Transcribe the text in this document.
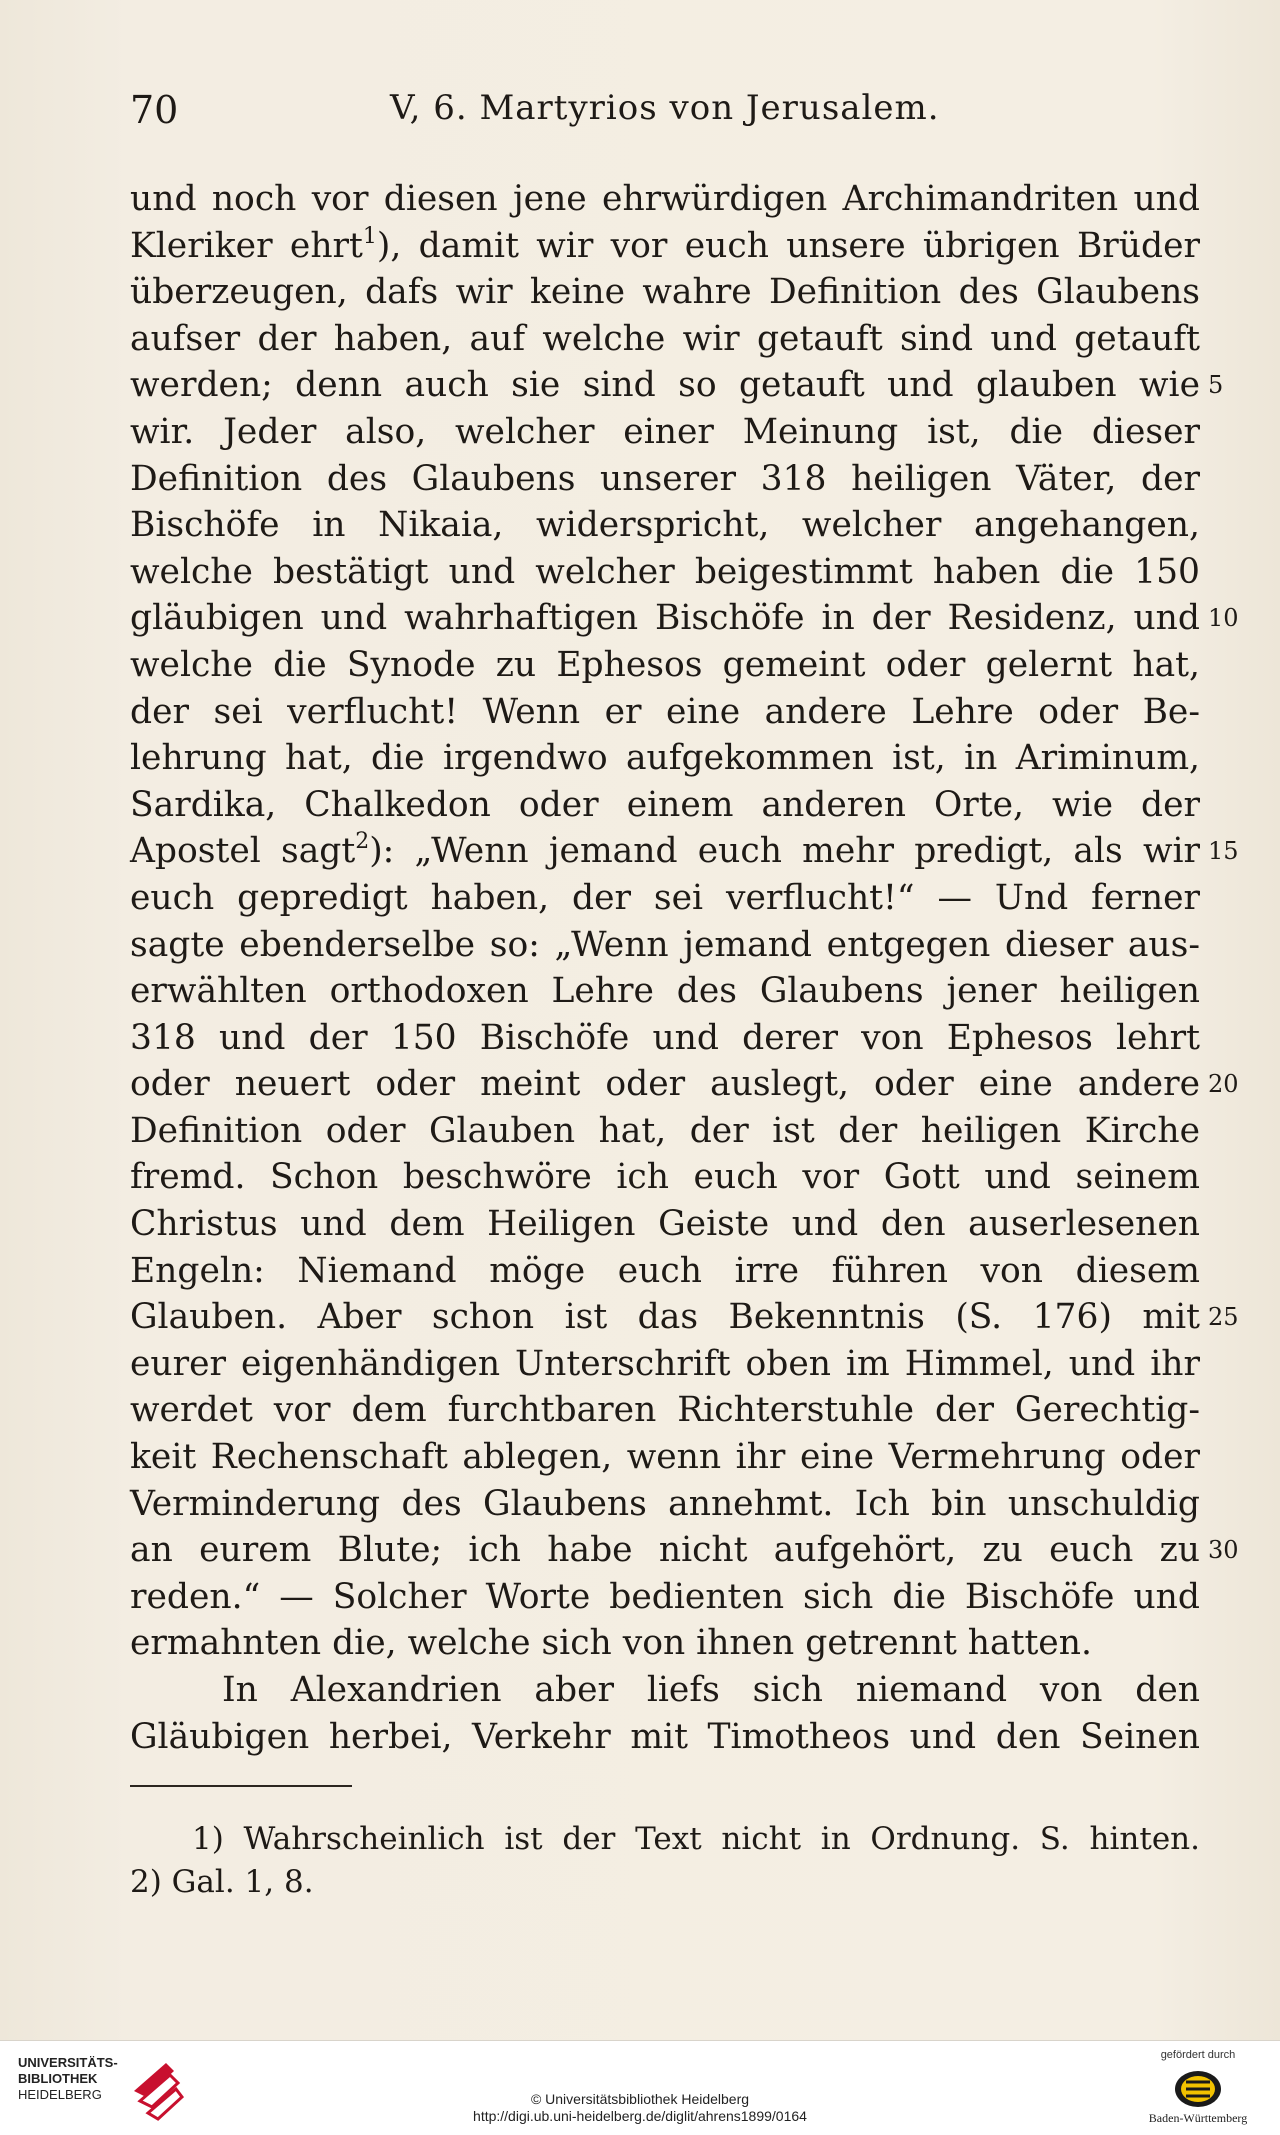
70	V, 6. Martyrios von Jerusalem.
und noch vor diesen jene ehrwürdigen Archimandriten und
Kleriker ehrt$^1$), damit wir vor euch unsere übrigen Brüder
überzeugen, dafs wir keine wahre Definition des Glaubens
aufser der haben, auf welche wir getauft sind und getauft
werden; denn auch sie sind so getauft und glauben wie 5
wir. Jeder also, welcher einer Meinung ist, die dieser
Definition des Glaubens unserer 318 heiligen Väter, der
Bischöfe in Nikaia, widerspricht, welcher angehangen,
welche bestätigt und welcher beigestimmt haben die 150
gläubigen und wahrhaftigen Bischöfe in der Residenz, und 10
welche die Synode zu Ephesos gemeint oder gelernt hat,
der sei verflucht! Wenn er eine andere Lehre oder Be-
lehrung hat, die irgendwo aufgekommen ist, in Ariminum,
Sardika, Chalkedon oder einem anderen Orte, wie der
Apostel sagt$^2$): „Wenn jemand euch mehr predigt, als wir 15
euch gepredigt haben, der sei verflucht!“ — Und ferner
sagte ebenderselbe so: „Wenn jemand entgegen dieser aus-
erwählten orthodoxen Lehre des Glaubens jener heiligen
318 und der 150 Bischöfe und derer von Ephesos lehrt
oder neuert oder meint oder auslegt, oder eine andere 20
Definition oder Glauben hat, der ist der heiligen Kirche
fremd. Schon beschwöre ich euch vor Gott und seinem
Christus und dem Heiligen Geiste und den auserlesenen
Engeln: Niemand möge euch irre führen von diesem
Glauben. Aber schon ist das Bekenntnis (S. 176) mit 25
eurer eigenhändigen Unterschrift oben im Himmel, und ihr
werdet vor dem furchtbaren Richterstuhle der Gerechtig-
keit Rechenschaft ablegen, wenn ihr eine Vermehrung oder
Verminderung des Glaubens annehmt. Ich bin unschuldig
an eurem Blute; ich habe nicht aufgehört, zu euch zu 30
reden.“ — Solcher Worte bedienten sich die Bischöfe und
ermahnten die, welche sich von ihnen getrennt hatten.
In Alexandrien aber liefs sich niemand von den
Gläubigen herbei, Verkehr mit Timotheos und den Seinen
1) Wahrscheinlich ist der Text nicht in Ordnung. S. hinten.
2) Gal. 1, 8.
UNIVERSITÄTS-
BIBLIOTHEK
HEIDELBERG	© Universitätsbibliothek Heidelberg
http://digi.ub.uni-heidelberg.de/diglit/ahrens1899/0164
gefördert durch
Baden-Württemberg
